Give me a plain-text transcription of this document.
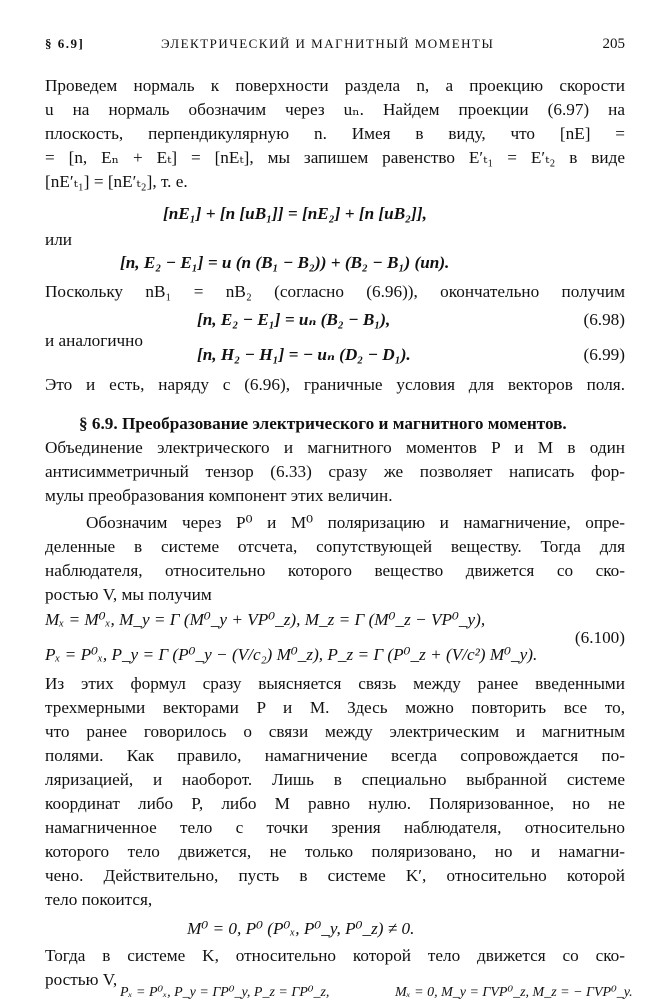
§ 6.9]	ЭЛЕКТРИЧЕСКИЙ И МАГНИТНЫЙ МОМЕНТЫ	205
Проведем нормаль к поверхности раздела n, а проекцию скорости
u на нормаль обозначим через uₙ. Найдем проекции (6.97) на
плоскость, перпендикулярную n. Имея в виду, что [nE] =
= [n, Eₙ + Eₜ] = [nEₜ], мы запишем равенство E′ₜ₁ = E′ₜ₂ в виде
[nE′ₜ₁] = [nE′ₜ₂], т. е.
[nE₁] + [n [uB₁]] = [nE₂] + [n [uB₂]],
или
[n, E₂ − E₁] = u (n (B₁ − B₂)) + (B₂ − B₁) (un).
Поскольку nB₁ = nB₂ (согласно (6.96)), окончательно получим
[n, E₂ − E₁] = uₙ (B₂ − B₁),	(6.98)
и аналогично
[n, H₂ − H₁] = − uₙ (D₂ − D₁).	(6.99)
Это и есть, наряду с (6.96), граничные условия для векторов поля.
§ 6.9. Преобразование электрического и магнитного моментов.
Объединение электрического и магнитного моментов P и M в один
антисимметричный тензор (6.33) сразу же позволяет написать фор-
мулы преобразования компонент этих величин.
Обозначим через P⁰ и M⁰ поляризацию и намагничение, опре-
деленные в системе отсчета, сопутствующей веществу. Тогда для
наблюдателя, относительно которого вещество движется со ско-
ростью V, мы получим
Mₓ = M⁰ₓ, M_y = Γ (M⁰_y + VP⁰_z), M_z = Γ (M⁰_z − VP⁰_y),
Pₓ = P⁰ₓ, P_y = Γ (P⁰_y − (V/c₂) M⁰_z), P_z = Γ (P⁰_z + (V/c²) M⁰_y).
(6.100)
Из этих формул сразу выясняется связь между ранее введенными
трехмерными векторами P и M. Здесь можно повторить все то,
что ранее говорилось о связи между электрическим и магнитным
полями. Как правило, намагничение всегда сопровождается по-
ляризацией, и наоборот. Лишь в специально выбранной системе
координат либо P, либо M равно нулю. Поляризованное, но не
намагниченное тело с точки зрения наблюдателя, относительно
которого тело движется, не только поляризовано, но и намагни-
чено. Действительно, пусть в системе K′, относительно которой
тело покоится,
M⁰ = 0, P⁰ (P⁰ₓ, P⁰_y, P⁰_z) ≠ 0.
Тогда в системе K, относительно которой тело движется со ско-
ростью V,
Pₓ = P⁰ₓ, P_y = ΓP⁰_y, P_z = ΓP⁰_z,	Mₓ = 0, M_y = ΓVP⁰_z, M_z = − ΓVP⁰_y.
